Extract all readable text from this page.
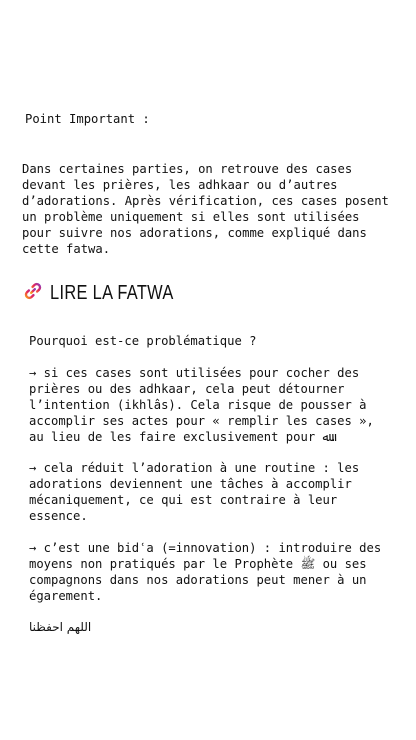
Point Important :

Dans certaines parties, on retrouve des cases devant les prières, les adhkaar ou d’autres d’adorations. Après vérification, ces cases posent un problème uniquement si elles sont utilisées pour suivre nos adorations, comme expliqué dans cette fatwa.

LIRE LA FATWA

Pourquoi est-ce problématique ?

→ si ces cases sont utilisées pour cocher des prières ou des adhkaar, cela peut détourner l’intention (ikhlâs). Cela risque de pousser à accomplir ses actes pour « remplir les cases », au lieu de les faire exclusivement pour ﷲ.

→ cela réduit l’adoration à une routine : les adorations deviennent une tâches à accomplir mécaniquement, ce qui est contraire à leur essence.

→ c’est une bidʿa (=innovation) : introduire des moyens non pratiqués par le Prophète ﷺ ou ses compagnons dans nos adorations peut mener à un égarement.

اللهم احفظنا
